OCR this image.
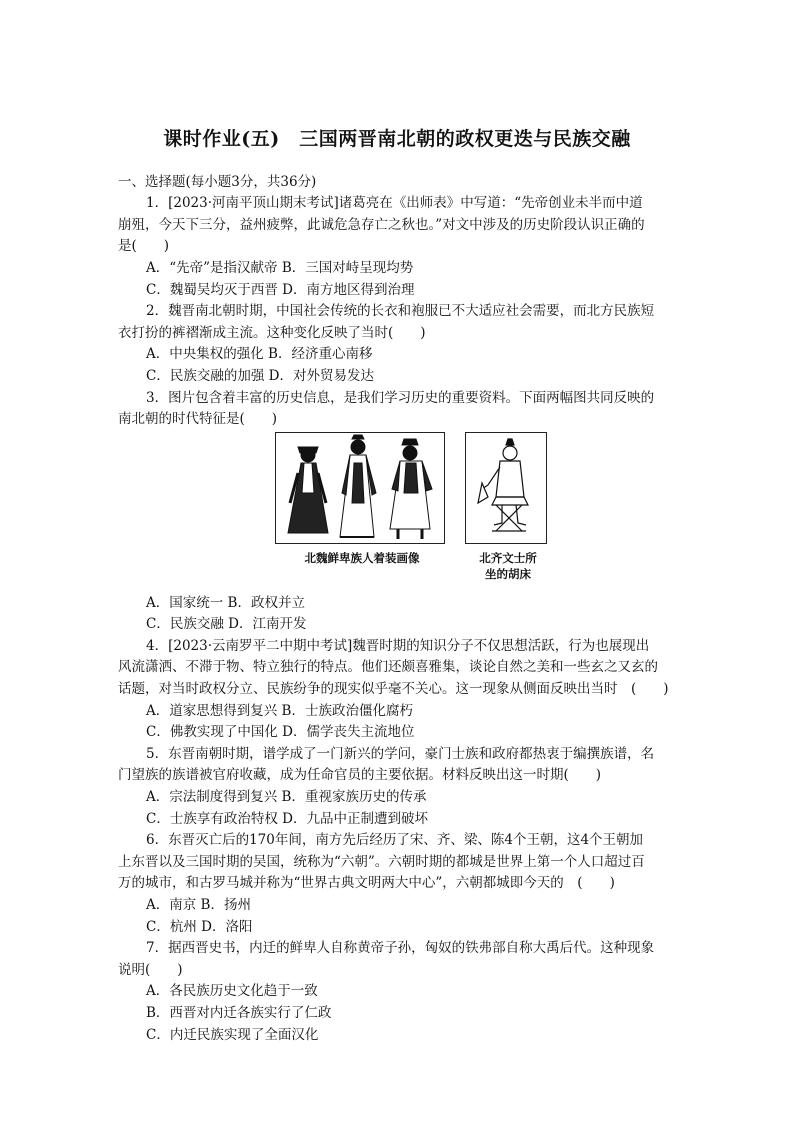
课时作业(五)　三国两晋南北朝的政权更迭与民族交融
一、选择题(每小题3分，共36分)
1．[2023·河南平顶山期末考试]诸葛亮在《出师表》中写道：“先帝创业未半而中道
崩殂，今天下三分，益州疲弊，此诚危急存亡之秋也。”对文中涉及的历史阶段认识正确的
是(　　)
A．“先帝”是指汉献帝 B．三国对峙呈现均势
C．魏蜀吴均灭于西晋 D．南方地区得到治理
2．魏晋南北朝时期，中国社会传统的长衣和袍服已不大适应社会需要，而北方民族短
衣打扮的裤褶渐成主流。这种变化反映了当时(　　)
A．中央集权的强化 B．经济重心南移
C．民族交融的加强 D．对外贸易发达
3．图片包含着丰富的历史信息，是我们学习历史的重要资料。下面两幅图共同反映的
南北朝的时代特征是(　　)
北魏鲜卑族人着装画像	北齐文士所
坐的胡床
A．国家统一 B．政权并立
C．民族交融 D．江南开发
4．[2023·云南罗平二中期中考试]魏晋时期的知识分子不仅思想活跃，行为也展现出
风流潇洒、不滞于物、特立独行的特点。他们还颇喜雅集，谈论自然之美和一些玄之又玄的
话题，对当时政权分立、民族纷争的现实似乎毫不关心。这一现象从侧面反映出当时　(　　)
A．道家思想得到复兴 B．士族政治僵化腐朽
C．佛教实现了中国化 D．儒学丧失主流地位
5．东晋南朝时期，谱学成了一门新兴的学问，豪门士族和政府都热衷于编撰族谱，名
门望族的族谱被官府收藏，成为任命官员的主要依据。材料反映出这一时期(　　)
A．宗法制度得到复兴 B．重视家族历史的传承
C．士族享有政治特权 D．九品中正制遭到破坏
6．东晋灭亡后的170年间，南方先后经历了宋、齐、梁、陈4个王朝，这4个王朝加
上东晋以及三国时期的吴国，统称为“六朝”。六朝时期的都城是世界上第一个人口超过百
万的城市，和古罗马城并称为“世界古典文明两大中心”，六朝都城即今天的　(　　)
A．南京 B．扬州
C．杭州 D．洛阳
7．据西晋史书，内迁的鲜卑人自称黄帝子孙，匈奴的铁弗部自称大禹后代。这种现象
说明(　　)
A．各民族历史文化趋于一致
B．西晋对内迁各族实行了仁政
C．内迁民族实现了全面汉化
